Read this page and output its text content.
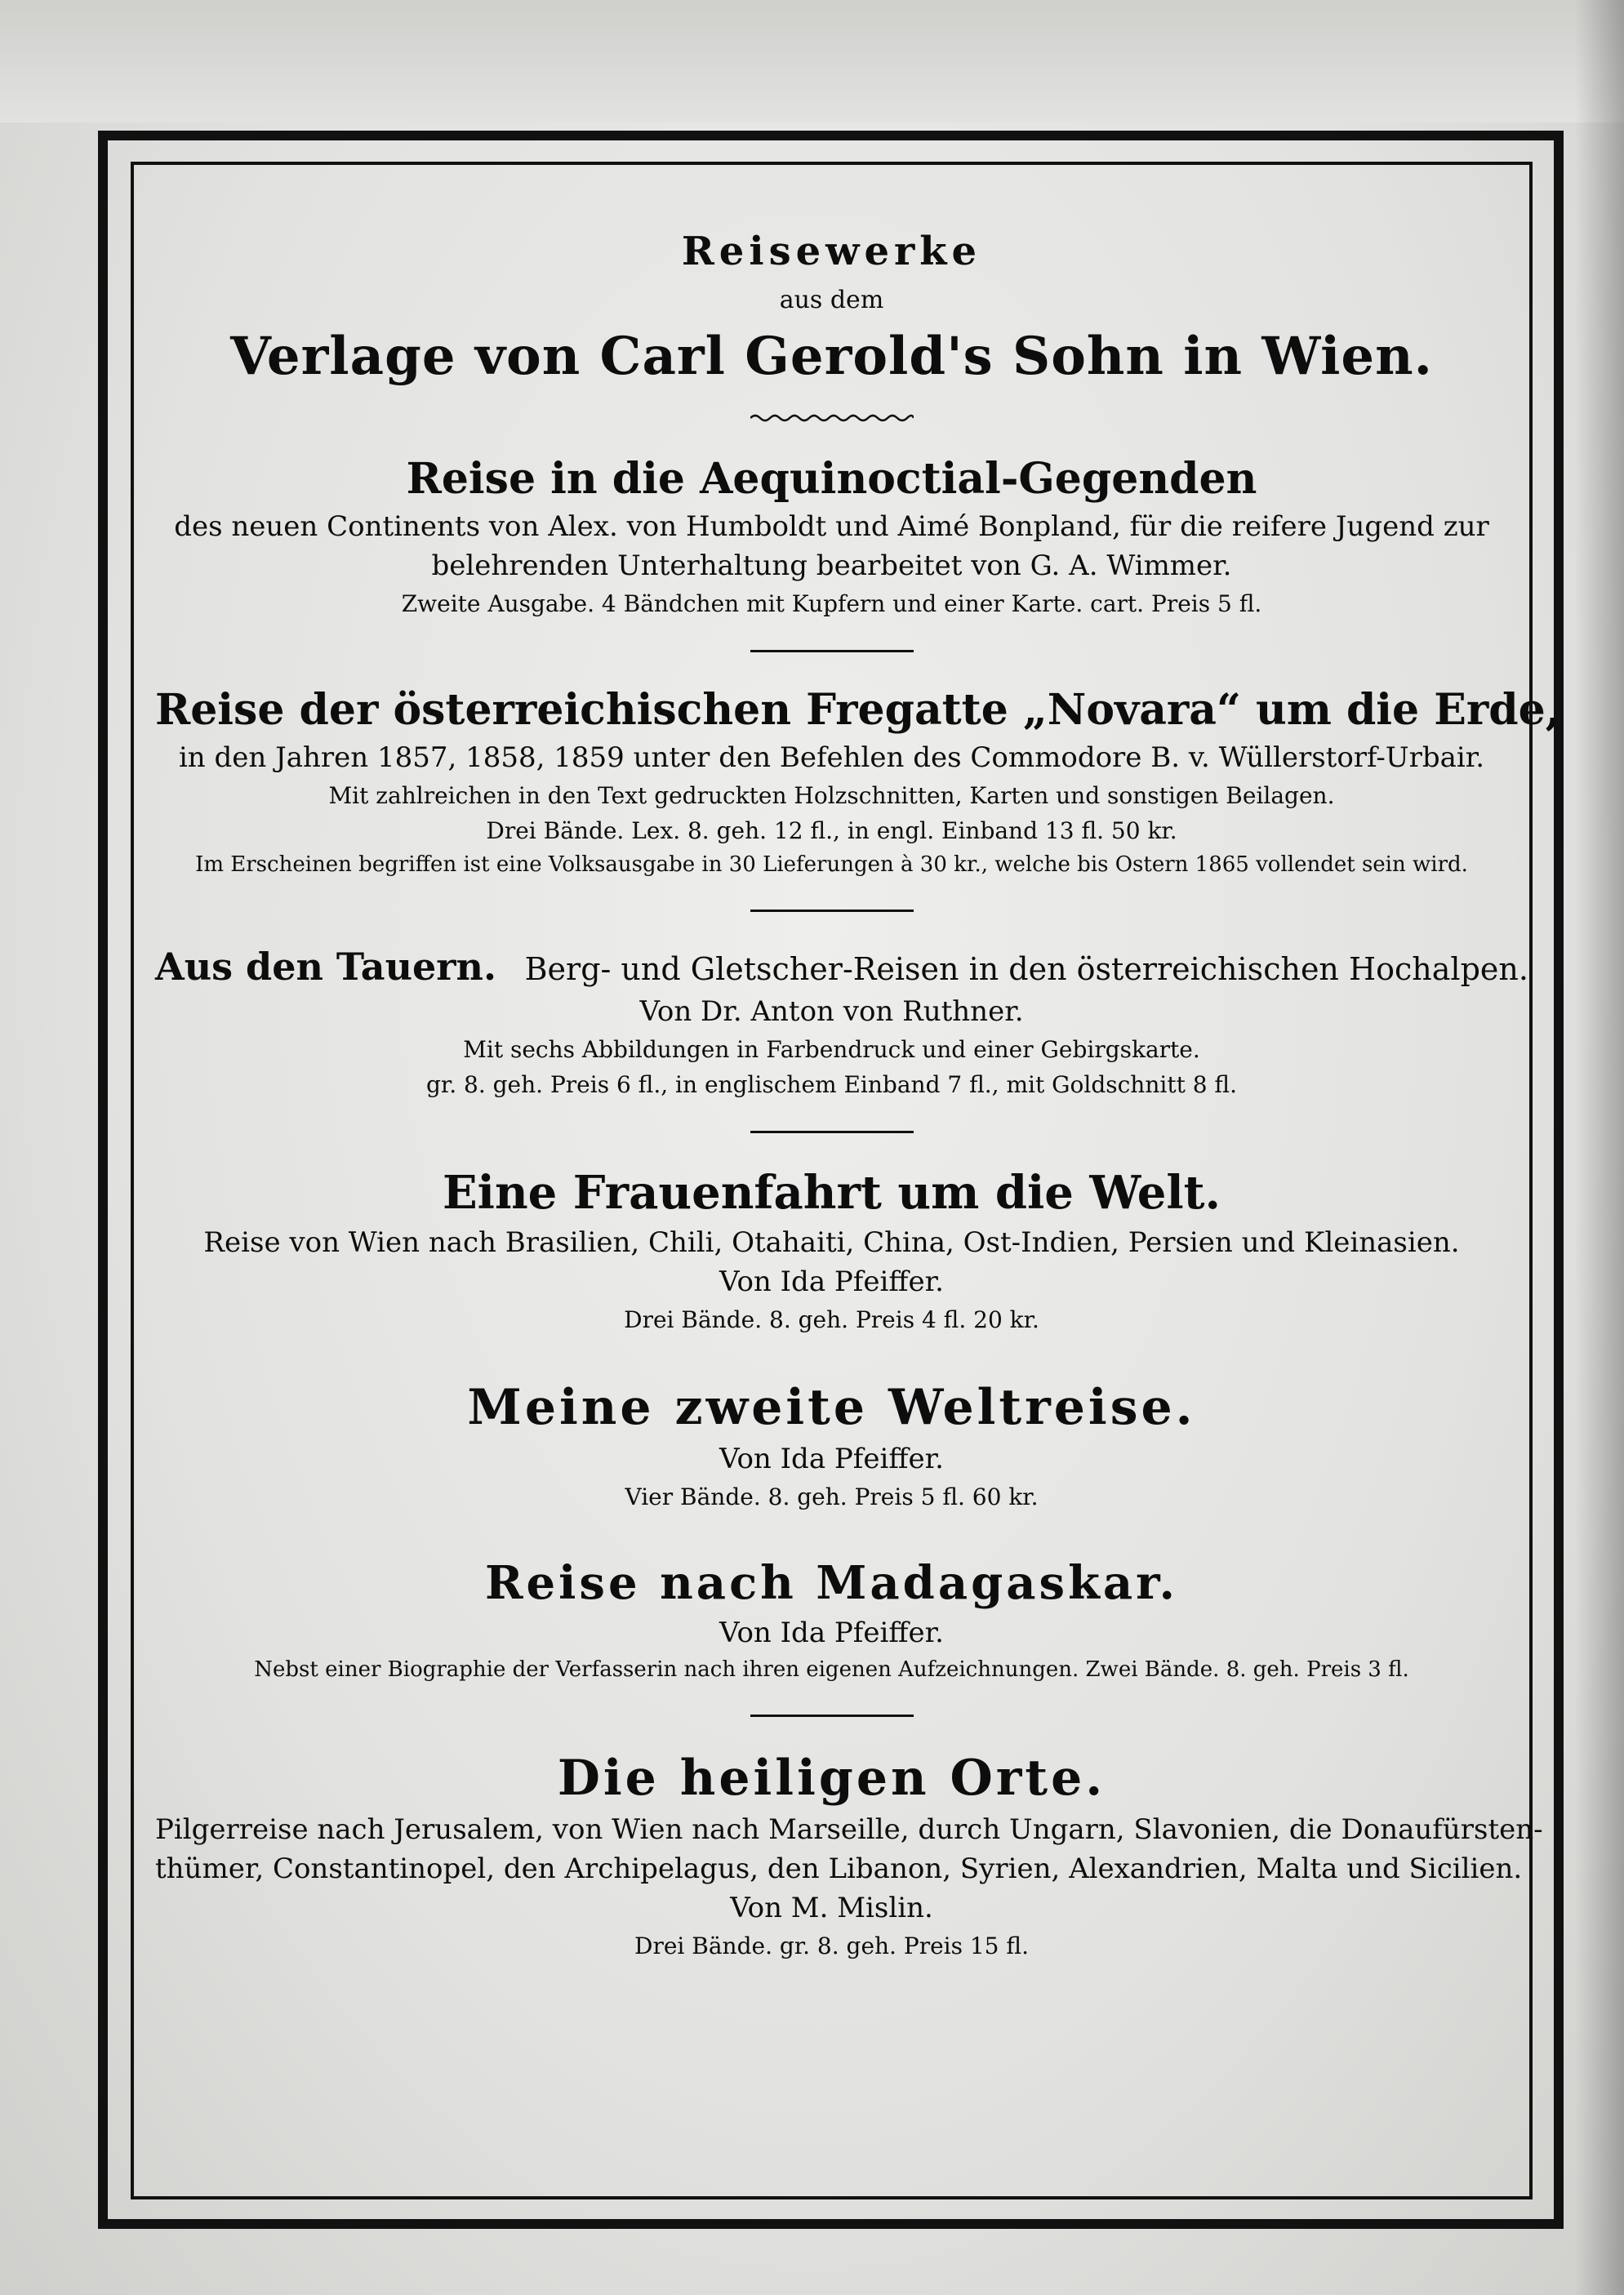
Reisewerke
aus dem
Verlage von Carl Gerold's Sohn in Wien.
Reise in die Aequinoctial-Gegenden
des neuen Continents von Alex. von Humboldt und Aimé Bonpland, für die reifere Jugend zur
belehrenden Unterhaltung bearbeitet von G. A. Wimmer.
Zweite Ausgabe. 4 Bändchen mit Kupfern und einer Karte. cart. Preis 5 fl.
Reise der österreichischen Fregatte „Novara“ um die Erde,
in den Jahren 1857, 1858, 1859 unter den Befehlen des Commodore B. v. Wüllerstorf-Urbair.
Mit zahlreichen in den Text gedruckten Holzschnitten, Karten und sonstigen Beilagen.
Drei Bände. Lex. 8. geh. 12 fl., in engl. Einband 13 fl. 50 kr.
Im Erscheinen begriffen ist eine Volksausgabe in 30 Lieferungen à 30 kr., welche bis Ostern 1865 vollendet sein wird.
Aus den Tauern. Berg- und Gletscher-Reisen in den österreichischen Hochalpen.
Von Dr. Anton von Ruthner.
Mit sechs Abbildungen in Farbendruck und einer Gebirgskarte.
gr. 8. geh. Preis 6 fl., in englischem Einband 7 fl., mit Goldschnitt 8 fl.
Eine Frauenfahrt um die Welt.
Reise von Wien nach Brasilien, Chili, Otahaiti, China, Ost-Indien, Persien und Kleinasien.
Von Ida Pfeiffer.
Drei Bände. 8. geh. Preis 4 fl. 20 kr.
Meine zweite Weltreise.
Von Ida Pfeiffer.
Vier Bände. 8. geh. Preis 5 fl. 60 kr.
Reise nach Madagaskar.
Von Ida Pfeiffer.
Nebst einer Biographie der Verfasserin nach ihren eigenen Aufzeichnungen. Zwei Bände. 8. geh. Preis 3 fl.
Die heiligen Orte.
Pilgerreise nach Jerusalem, von Wien nach Marseille, durch Ungarn, Slavonien, die Donaufürsten-
thümer, Constantinopel, den Archipelagus, den Libanon, Syrien, Alexandrien, Malta und Sicilien.
Von M. Mislin.
Drei Bände. gr. 8. geh. Preis 15 fl.
